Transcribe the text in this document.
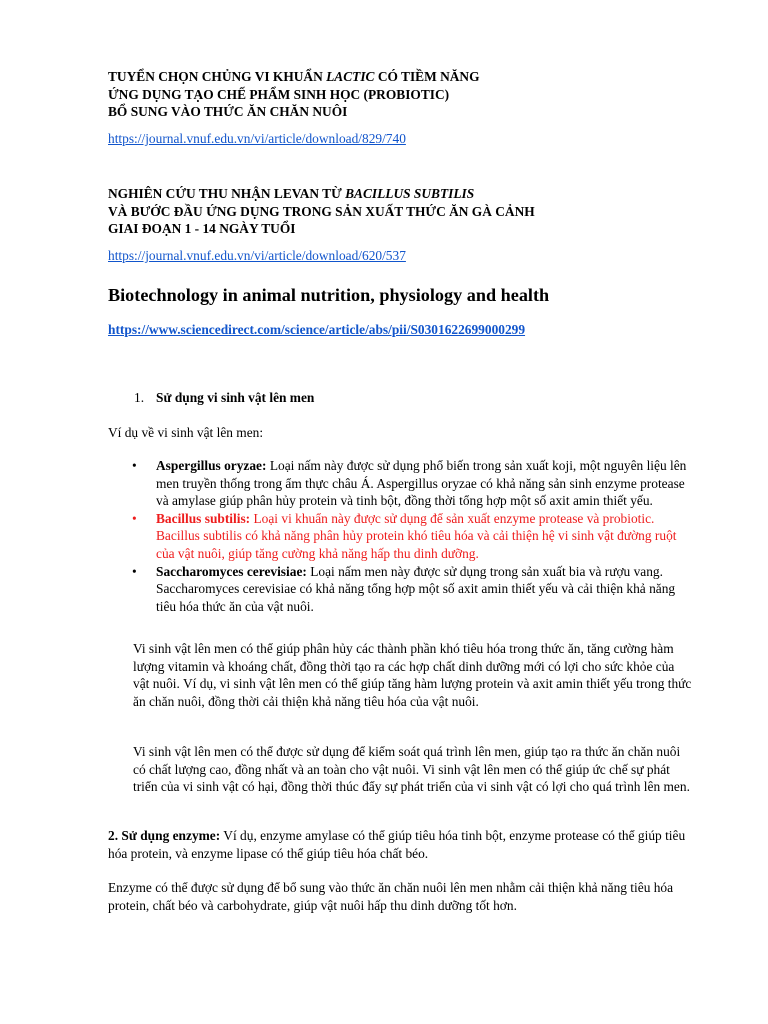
TUYỂN CHỌN CHỦNG VI KHUẨN LACTIC CÓ TIỀM NĂNG
ỨNG DỤNG TẠO CHẾ PHẨM SINH HỌC (PROBIOTIC)
BỔ SUNG VÀO THỨC ĂN CHĂN NUÔI
https://journal.vnuf.edu.vn/vi/article/download/829/740
NGHIÊN CỨU THU NHẬN LEVAN TỪ BACILLUS SUBTILIS
VÀ BƯỚC ĐẦU ỨNG DỤNG TRONG SẢN XUẤT THỨC ĂN GÀ CẢNH
GIAI ĐOẠN 1 - 14 NGÀY TUỔI
https://journal.vnuf.edu.vn/vi/article/download/620/537
Biotechnology in animal nutrition, physiology and health
https://www.sciencedirect.com/science/article/abs/pii/S0301622699000299
1. Sử dụng vi sinh vật lên men
Ví dụ về vi sinh vật lên men:
• Aspergillus oryzae: Loại nấm này được sử dụng phổ biến trong sản xuất koji, một nguyên liệu lên men truyền thống trong ẩm thực châu Á. Aspergillus oryzae có khả năng sản sinh enzyme protease và amylase giúp phân hủy protein và tinh bột, đồng thời tổng hợp một số axit amin thiết yếu.
• Bacillus subtilis: Loại vi khuẩn này được sử dụng để sản xuất enzyme protease và probiotic. Bacillus subtilis có khả năng phân hủy protein khó tiêu hóa và cải thiện hệ vi sinh vật đường ruột của vật nuôi, giúp tăng cường khả năng hấp thu dinh dưỡng.
• Saccharomyces cerevisiae: Loại nấm men này được sử dụng trong sản xuất bia và rượu vang. Saccharomyces cerevisiae có khả năng tổng hợp một số axit amin thiết yếu và cải thiện khả năng tiêu hóa thức ăn của vật nuôi.

Vi sinh vật lên men có thể giúp phân hủy các thành phần khó tiêu hóa trong thức ăn, tăng cường hàm lượng vitamin và khoáng chất, đồng thời tạo ra các hợp chất dinh dưỡng mới có lợi cho sức khỏe của vật nuôi. Ví dụ, vi sinh vật lên men có thể giúp tăng hàm lượng protein và axit amin thiết yếu trong thức ăn chăn nuôi, đồng thời cải thiện khả năng tiêu hóa của vật nuôi.

Vi sinh vật lên men có thể được sử dụng để kiểm soát quá trình lên men, giúp tạo ra thức ăn chăn nuôi có chất lượng cao, đồng nhất và an toàn cho vật nuôi. Vi sinh vật lên men có thể giúp ức chế sự phát triển của vi sinh vật có hại, đồng thời thúc đẩy sự phát triển của vi sinh vật có lợi cho quá trình lên men.

2. Sử dụng enzyme: Ví dụ, enzyme amylase có thể giúp tiêu hóa tinh bột, enzyme protease có thể giúp tiêu hóa protein, và enzyme lipase có thể giúp tiêu hóa chất béo.

Enzyme có thể được sử dụng để bổ sung vào thức ăn chăn nuôi lên men nhằm cải thiện khả năng tiêu hóa protein, chất béo và carbohydrate, giúp vật nuôi hấp thu dinh dưỡng tốt hơn.
